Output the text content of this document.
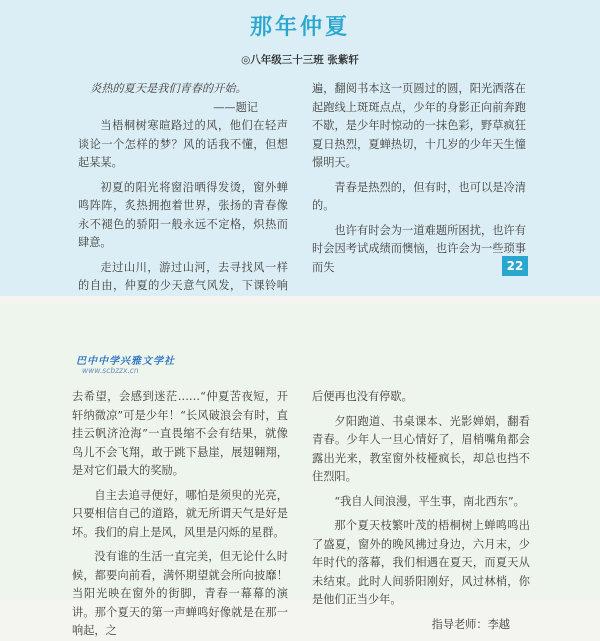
那年仲夏
◎八年级三十三班 张紫轩

炎热的夏天是我们青春的开始。

——题记

当梧桐树寒暄路过的风，他们在轻声谈论一个怎样的梦？风的话我不懂，但想起某某。

初夏的阳光将窗沿晒得发烫，窗外蝉鸣阵阵，炙热拥抱着世界，张扬的青春像永不褪色的骄阳一般永远不定格，炽热而肆意。

走过山川，游过山河，去寻找风一样的自由，仲夏的少天意气风发，下课铃响

遍，翻阅书本这一页圆过的圆，阳光洒落在起跑线上斑斑点点，少年的身影正向前奔跑不歇，是少年时惊动的一抹色彩，野草疯狂夏日热烈，夏蝉热切，十几岁的少年天生憧憬明天。

青春是热烈的，但有时，也可以是冷清的。

也许有时会为一道难题所困扰，也许有时会因考试成绩而懊恼，也许会为一些琐事而失	22
巴中中学兴雅文学社
www.scbzzx.cn

去希望，会感到迷茫……“仲夏苦夜短，开轩纳微凉”可是少年！“长风破浪会有时，直挂云帆济沧海”一直畏缩不会有结果，就像鸟儿不会飞翔，敢于跳下悬崖，展翅翱翔，是对它们最大的奖励。

自主去追寻便好，哪怕是须臾的光亮，只要相信自己的道路，就无所谓天气是好是坏。我们的肩上是风，风里是闪烁的星群。

没有谁的生活一直完美，但无论什么时候，都要向前看，满怀期望就会所向披靡！当阳光映在窗外的街脚，青春一幕幕的演讲。那个夏天的第一声蝉鸣好像就是在那一响起，之

后便再也没有停歇。

夕阳跑道、书桌课本、光影婵娟，翻看青春。少年人一旦心情好了，眉梢嘴角都会露出光来，教室窗外枝桠疯长，却总也挡不住烈阳。

“我自人间浪漫，平生事，南北西东”。

那个夏天枝繁叶茂的梧桐树上蝉鸣鸣出了盛夏，窗外的晚风拂过身边，六月末，少年时代的落幕，我们相遇在夏天，而夏天从未结束。此时人间骄阳刚好，风过林梢，你是他们正当少年。

指导老师：李越
